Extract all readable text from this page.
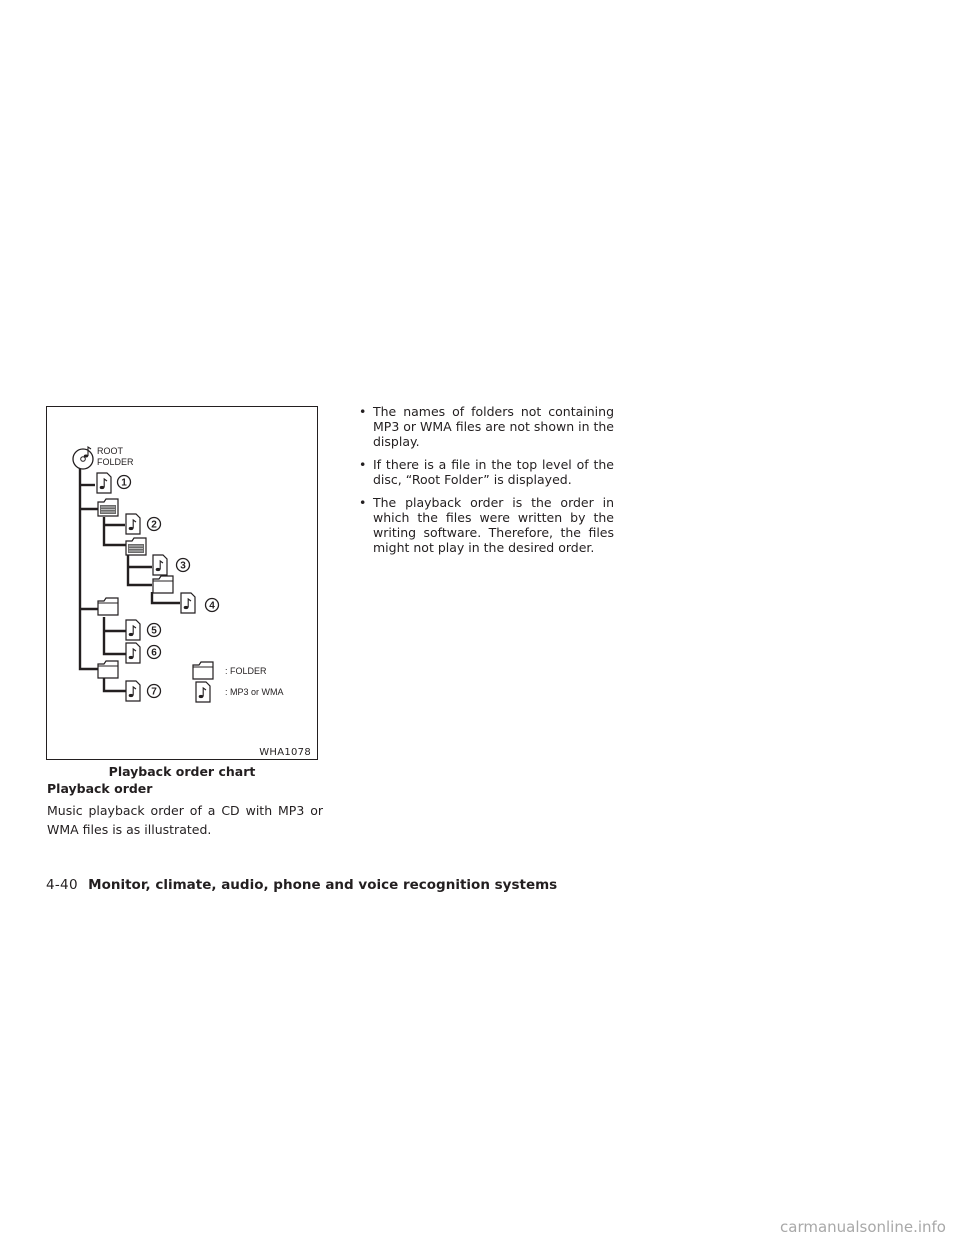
ROOT
FOLDER
1
2
3
4
5
6
7
: FOLDER
: MP3 or WMA
WHA1078
Playback order chart
Playback order

Music playback order of a CD with MP3 or WMA files is as illustrated.

• The names of folders not containing MP3 or WMA files are not shown in the display.
• If there is a file in the top level of the disc, “Root Folder” is displayed.
• The playback order is the order in which the files were written by the writing software. Therefore, the files might not play in the desired order.
4-40 Monitor, climate, audio, phone and voice recognition systems
carmanualsonline.info
